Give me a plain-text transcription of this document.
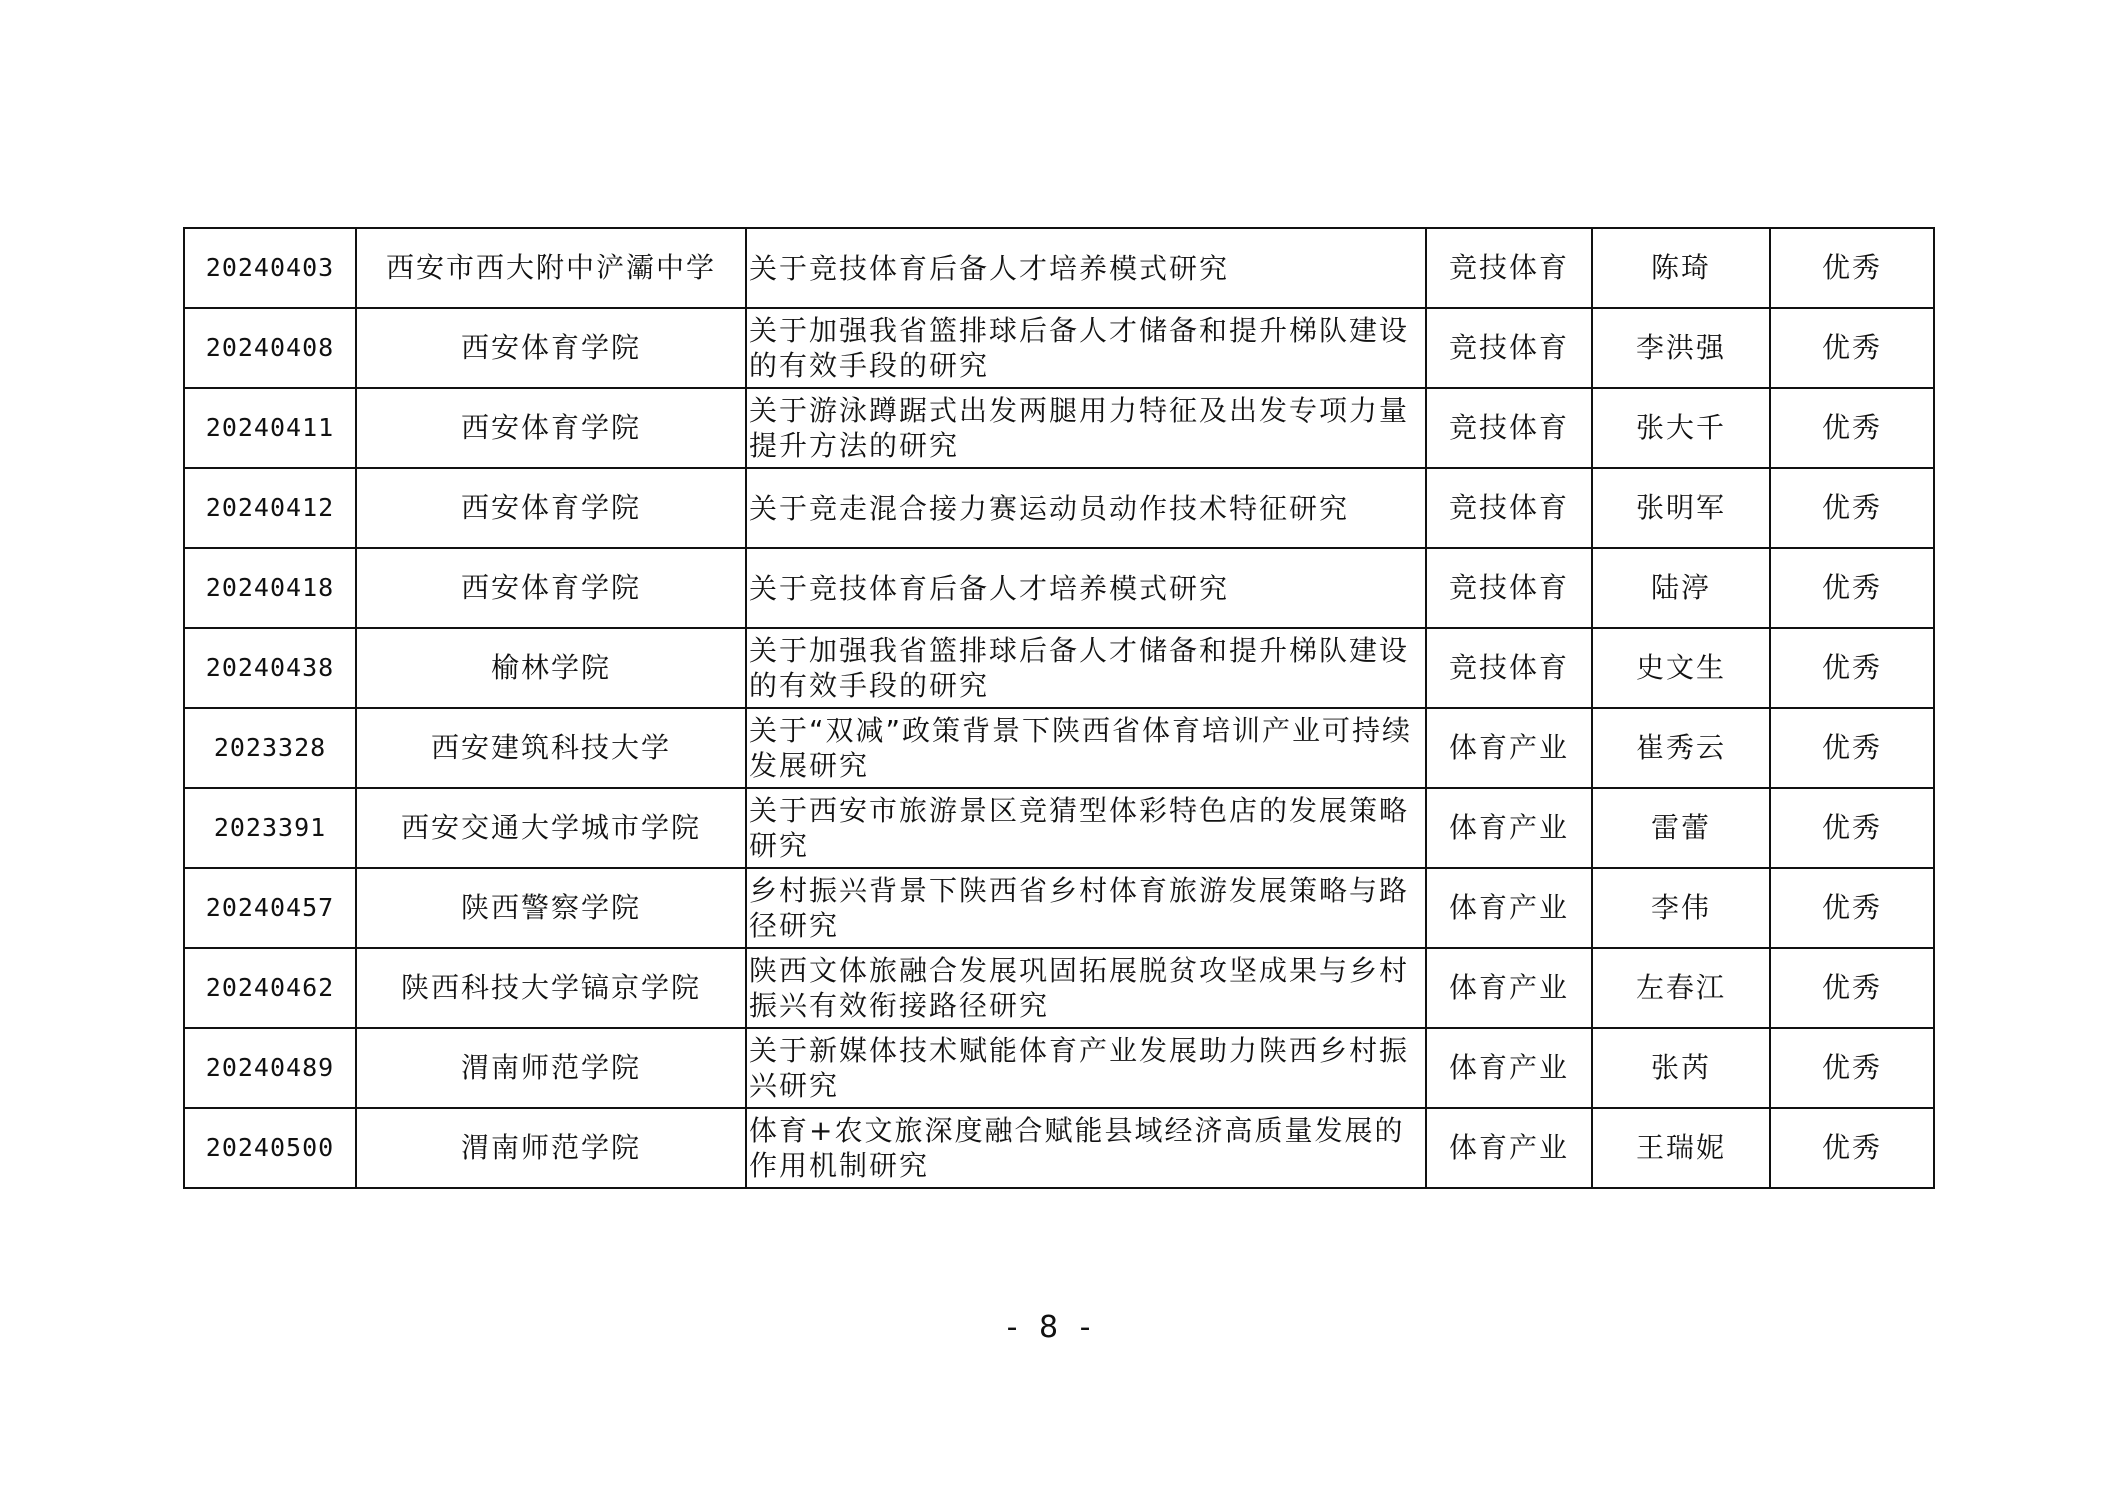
20240403	西安市西大附中浐灞中学	关于竞技体育后备人才培养模式研究	竞技体育	陈琦	优秀
20240408	西安体育学院	关于加强我省篮排球后备人才储备和提升梯队建设的有效手段的研究	竞技体育	李洪强	优秀
20240411	西安体育学院	关于游泳蹲踞式出发两腿用力特征及出发专项力量提升方法的研究	竞技体育	张大千	优秀
20240412	西安体育学院	关于竞走混合接力赛运动员动作技术特征研究	竞技体育	张明军	优秀
20240418	西安体育学院	关于竞技体育后备人才培养模式研究	竞技体育	陆渟	优秀
20240438	榆林学院	关于加强我省篮排球后备人才储备和提升梯队建设的有效手段的研究	竞技体育	史文生	优秀
2023328	西安建筑科技大学	关于“双减”政策背景下陕西省体育培训产业可持续发展研究	体育产业	崔秀云	优秀
2023391	西安交通大学城市学院	关于西安市旅游景区竞猜型体彩特色店的发展策略研究	体育产业	雷蕾	优秀
20240457	陕西警察学院	乡村振兴背景下陕西省乡村体育旅游发展策略与路径研究	体育产业	李伟	优秀
20240462	陕西科技大学镐京学院	陕西文体旅融合发展巩固拓展脱贫攻坚成果与乡村振兴有效衔接路径研究	体育产业	左春江	优秀
20240489	渭南师范学院	关于新媒体技术赋能体育产业发展助力陕西乡村振兴研究	体育产业	张芮	优秀
20240500	渭南师范学院	体育+农文旅深度融合赋能县域经济高质量发展的作用机制研究	体育产业	王瑞妮	优秀
- 8 -
